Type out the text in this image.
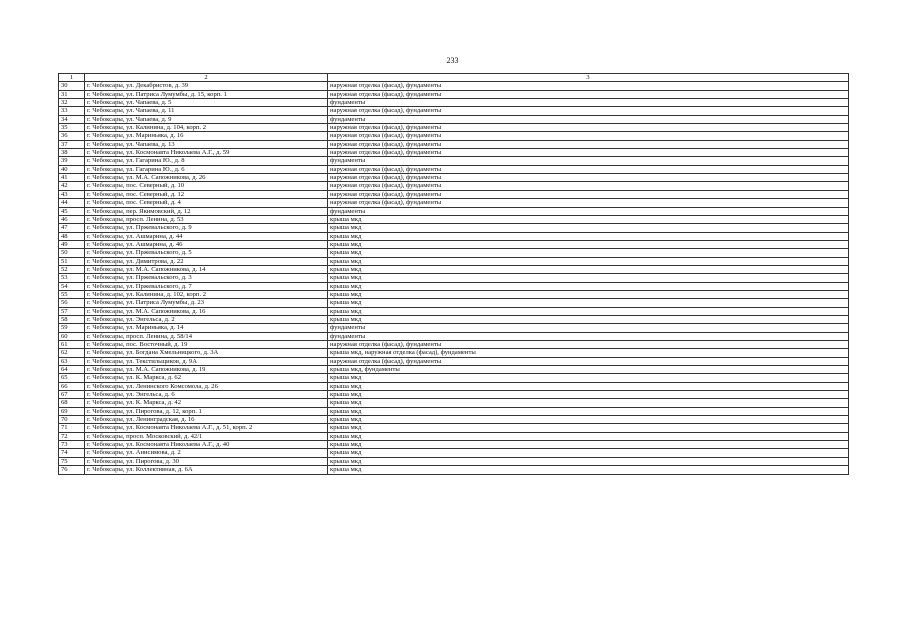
233
1	2	3
30	г. Чебоксары, ул. Декабристов, д. 39	наружная отделка (фасад), фундаменты
31	г. Чебоксары, ул. Патриса Лумумбы, д. 15, корп. 1	наружная отделка (фасад), фундаменты
32	г. Чебоксары, ул. Чапаева, д. 5	фундаменты
33	г. Чебоксары, ул. Чапаева, д. 11	наружная отделка (фасад), фундаменты
34	г. Чебоксары, ул. Чапаева, д. 9	фундаменты
35	г. Чебоксары, ул. Калинина, д. 104, корп. 2	наружная отделка (фасад), фундаменты
36	г. Чебоксары, ул. Мариньяка, д. 16	наружная отделка (фасад), фундаменты
37	г. Чебоксары, ул. Чапаева, д. 13	наружная отделка (фасад), фундаменты
38	г. Чебоксары, ул. Космонавта Николаева А.Г., д. 59	наружная отделка (фасад), фундаменты
39	г. Чебоксары, ул. Гагарина Ю., д. 8	фундаменты
40	г. Чебоксары, ул. Гагарина Ю., д. 6	наружная отделка (фасад), фундаменты
41	г. Чебоксары, ул. М.А. Сапожникова, д. 26	наружная отделка (фасад), фундаменты
42	г. Чебоксары, пос. Северный, д. 10	наружная отделка (фасад), фундаменты
43	г. Чебоксары, пос. Северный, д. 12	наружная отделка (фасад), фундаменты
44	г. Чебоксары, пос. Северный, д. 4	наружная отделка (фасад), фундаменты
45	г. Чебоксары, пер. Якимовский, д. 12	фундаменты
46	г. Чебоксары, просп. Ленина, д. 53	крыша мкд
47	г. Чебоксары, ул. Пржевальского, д. 9	крыша мкд
48	г. Чебоксары, ул. Ашмарина, д. 44	крыша мкд
49	г. Чебоксары, ул. Ашмарина, д. 46	крыша мкд
50	г. Чебоксары, ул. Пржевальского, д. 5	крыша мкд
51	г. Чебоксары, ул. Димитрова, д. 22	крыша мкд
52	г. Чебоксары, ул. М.А. Сапожникова, д. 14	крыша мкд
53	г. Чебоксары, ул. Пржевальского, д. 3	крыша мкд
54	г. Чебоксары, ул. Пржевальского, д. 7	крыша мкд
55	г. Чебоксары, ул. Калинина, д. 102, корп. 2	крыша мкд
56	г. Чебоксары, ул. Патриса Лумумбы, д. 23	крыша мкд
57	г. Чебоксары, ул. М.А. Сапожникова, д. 16	крыша мкд
58	г. Чебоксары, ул. Энгельса, д. 2	крыша мкд
59	г. Чебоксары, ул. Мариньяка, д. 14	фундаменты
60	г. Чебоксары, просп. Ленина, д. 58/14	фундаменты
61	г. Чебоксары, пос. Восточный, д. 19	наружная отделка (фасад), фундаменты
62	г. Чебоксары, ул. Богдана Хмельницкого, д. 3А	крыша мкд, наружная отделка (фасад), фундаменты
63	г. Чебоксары, ул. Текстильщиков, д. 9А	наружная отделка (фасад), фундаменты
64	г. Чебоксары, ул. М.А. Сапожникова, д. 19	крыша мкд, фундаменты
65	г. Чебоксары, ул. К. Маркса, д. 62	крыша мкд
66	г. Чебоксары, ул. Ленинского Комсомола, д. 26	крыша мкд
67	г. Чебоксары, ул. Энгельса, д. 6	крыша мкд
68	г. Чебоксары, ул. К. Маркса, д. 42	крыша мкд
69	г. Чебоксары, ул. Пирогова, д. 12, корп. 1	крыша мкд
70	г. Чебоксары, ул. Ленинградская, д. 16	крыша мкд
71	г. Чебоксары, ул. Космонавта Николаева А.Г., д. 51, корп. 2	крыша мкд
72	г. Чебоксары, просп. Московский, д. 42/1	крыша мкд
73	г. Чебоксары, ул. Космонавта Николаева А.Г., д. 40	крыша мкд
74	г. Чебоксары, ул. Анисимова, д. 2	крыша мкд
75	г. Чебоксары, ул. Пирогова, д. 30	крыша мкд
76	г. Чебоксары, ул. Коллективная, д. 6А	крыша мкд
